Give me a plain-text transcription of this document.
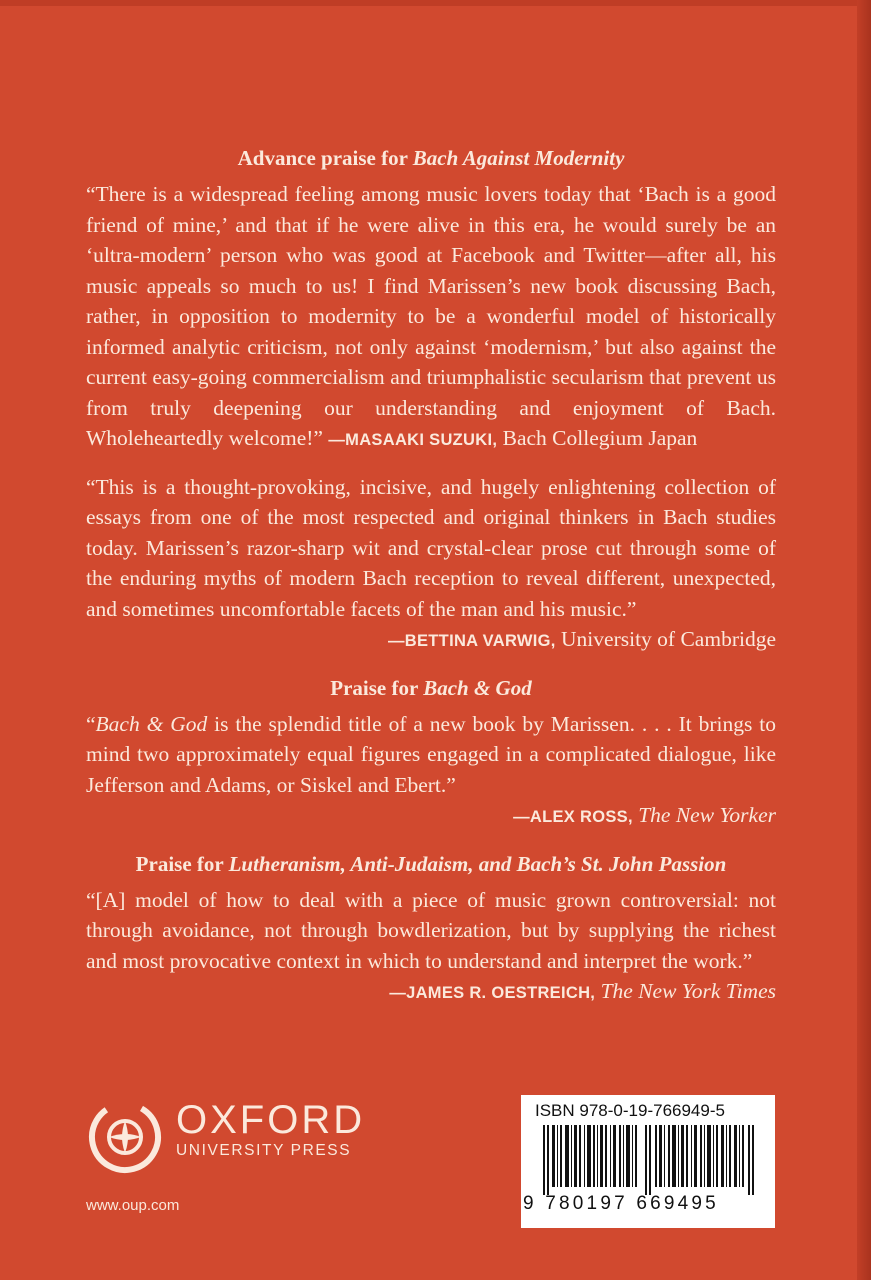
Advance praise for Bach Against Modernity

“There is a widespread feeling among music lovers today that ‘Bach is a good friend of mine,’ and that if he were alive in this era, he would surely be an ‘ultra-modern’ person who was good at Facebook and Twitter—after all, his music appeals so much to us! I find Marissen’s new book discussing Bach, rather, in opposition to modernity to be a wonderful model of historically informed analytic criticism, not only against ‘modernism,’ but also against the current easy-going commercialism and triumphalistic secularism that prevent us from truly deepening our understanding and enjoyment of Bach. Wholeheartedly welcome!” —MASAAKI SUZUKI, Bach Collegium Japan

“This is a thought-provoking, incisive, and hugely enlightening collection of essays from one of the most respected and original thinkers in Bach studies today. Marissen’s razor-sharp wit and crystal-clear prose cut through some of the enduring myths of modern Bach reception to reveal different, unexpected, and sometimes uncomfortable facets of the man and his music.”

—BETTINA VARWIG, University of Cambridge

Praise for Bach & God

“Bach & God is the splendid title of a new book by Marissen. . . . It brings to mind two approximately equal figures engaged in a complicated dialogue, like Jefferson and Adams, or Siskel and Ebert.”

—ALEX ROSS, The New Yorker

Praise for Lutheranism, Anti-Judaism, and Bach’s St. John Passion

“[A] model of how to deal with a piece of music grown controversial: not through avoidance, not through bowdlerization, but by supplying the richest and most provocative context in which to understand and interpret the work.”

—JAMES R. OESTREICH, The New York Times

OXFORD
UNIVERSITY PRESS
www.oup.com
ISBN 978-0-19-766949-5
9 780197 669495
